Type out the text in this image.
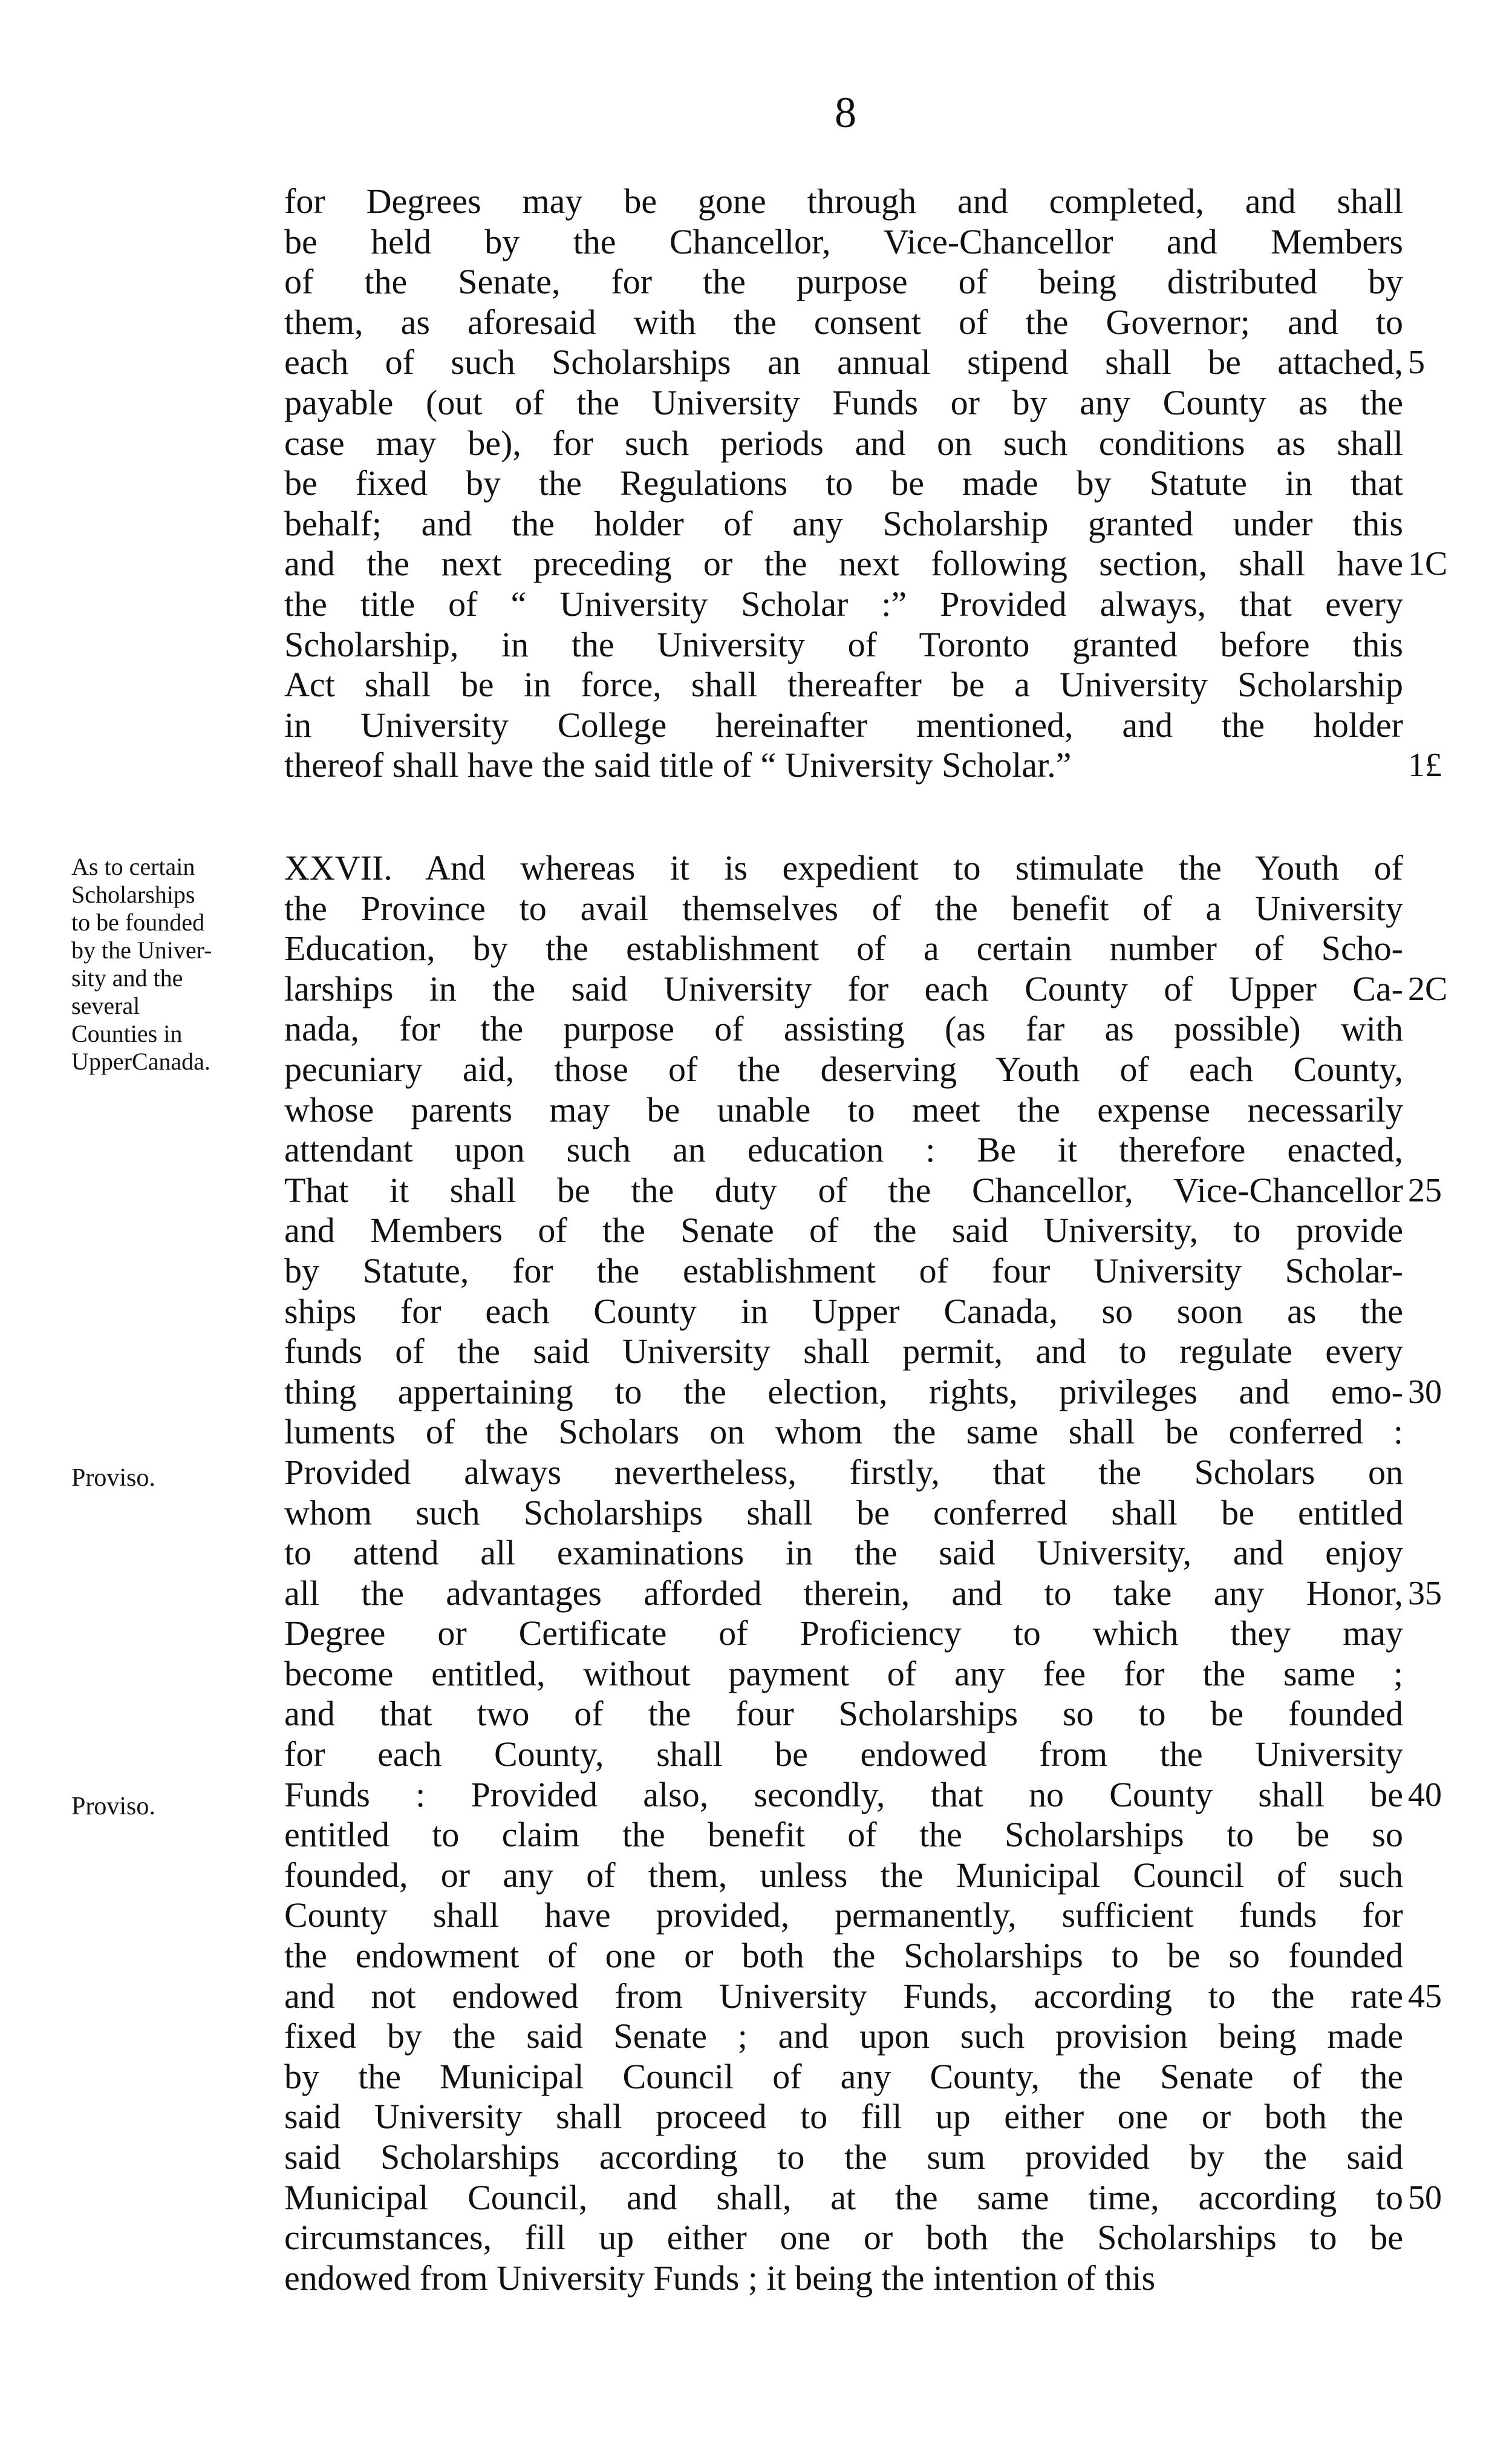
8
for Degrees may be gone through and completed, and shall
be held by the Chancellor, Vice-Chancellor and Members
of the Senate, for the purpose of being distributed by
them, as aforesaid with the consent of the Governor; and to
each of such Scholarships an annual stipend shall be attached,
payable (out of the University Funds or by any County as the
case may be), for such periods and on such conditions as shall
be fixed by the Regulations to be made by Statute in that
behalf; and the holder of any Scholarship granted under this
and the next preceding or the next following section, shall have
the title of “ University Scholar :” Provided always, that every
Scholarship, in the University of Toronto granted before this
Act shall be in force, shall thereafter be a University Scholarship
in University College hereinafter mentioned, and the holder
thereof shall have the said title of “ University Scholar.”
XXVII. And whereas it is expedient to stimulate the Youth of
the Province to avail themselves of the benefit of a University
Education, by the establishment of a certain number of Scho-
larships in the said University for each County of Upper Ca-
nada, for the purpose of assisting (as far as possible) with
pecuniary aid, those of the deserving Youth of each County,
whose parents may be unable to meet the expense necessarily
attendant upon such an education : Be it therefore enacted,
That it shall be the duty of the Chancellor, Vice-Chancellor
and Members of the Senate of the said University, to provide
by Statute, for the establishment of four University Scholar-
ships for each County in Upper Canada, so soon as the
funds of the said University shall permit, and to regulate every
thing appertaining to the election, rights, privileges and emo-
luments of the Scholars on whom the same shall be conferred :
Provided always nevertheless, firstly, that the Scholars on
whom such Scholarships shall be conferred shall be entitled
to attend all examinations in the said University, and enjoy
all the advantages afforded therein, and to take any Honor,
Degree or Certificate of Proficiency to which they may
become entitled, without payment of any fee for the same ;
and that two of the four Scholarships so to be founded
for each County, shall be endowed from the University
Funds : Provided also, secondly, that no County shall be
entitled to claim the benefit of the Scholarships to be so
founded, or any of them, unless the Municipal Council of such
County shall have provided, permanently, sufficient funds for
the endowment of one or both the Scholarships to be so founded
and not endowed from University Funds, according to the rate
fixed by the said Senate ; and upon such provision being made
by the Municipal Council of any County, the Senate of the
said University shall proceed to fill up either one or both the
said Scholarships according to the sum provided by the said
Municipal Council, and shall, at the same time, according to
circumstances, fill up either one or both the Scholarships to be
endowed from University Funds ; it being the intention of this
5
1C
1£
2C
25
30
35
40
45
50
As to certain
Scholarships
to be founded
by the Univer-
sity and the
several
Counties in
UpperCanada.
Proviso.
Proviso.
